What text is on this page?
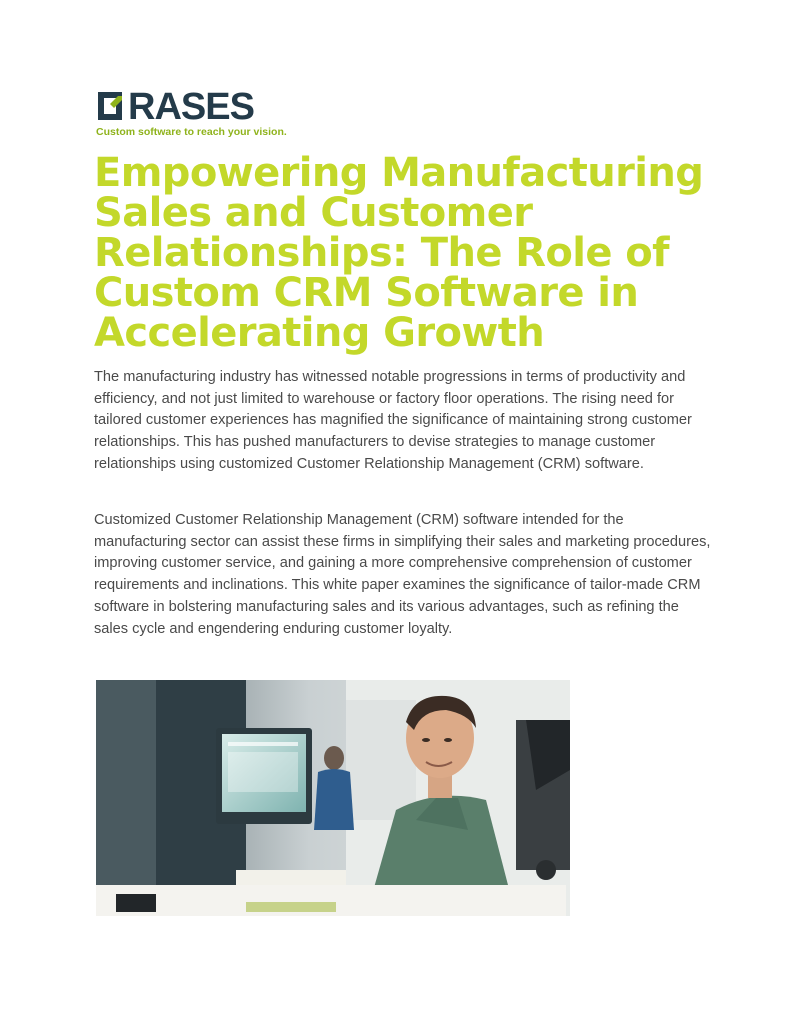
RASES
Custom software to reach your vision.
Empowering Manufacturing Sales and Customer Relationships: The Role of Custom CRM Software in Accelerating Growth

The manufacturing industry has witnessed notable progressions in terms of productivity and efficiency, and not just limited to warehouse or factory floor operations. The rising need for tailored customer experiences has magnified the significance of maintaining strong customer relationships. This has pushed manufacturers to devise strategies to manage customer relationships using customized Customer Relationship Management (CRM) software.

Customized Customer Relationship Management (CRM) software intended for the manufacturing sector can assist these firms in simplifying their sales and marketing procedures, improving customer service, and gaining a more comprehensive comprehension of customer requirements and inclinations. This white paper examines the significance of tailor-made CRM software in bolstering manufacturing sales and its various advantages, such as refining the sales cycle and engendering enduring customer loyalty.
